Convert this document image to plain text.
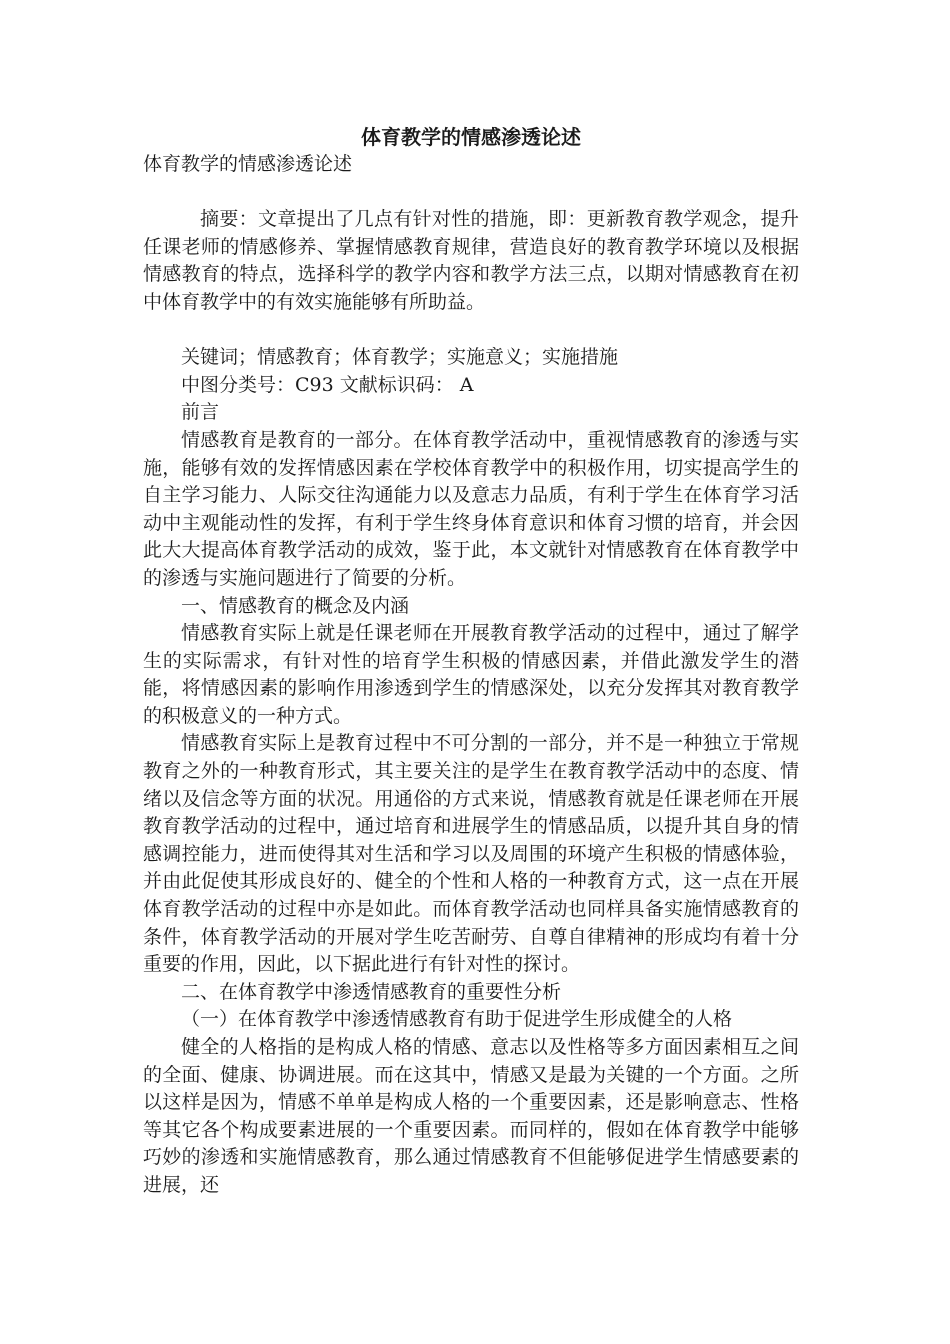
体育教学的情感渗透论述

体育教学的情感渗透论述

摘要：文章提出了几点有针对性的措施，即：更新教育教学观念，提升任课老师的情感修养、掌握情感教育规律，营造良好的教育教学环境以及根据情感教育的特点，选择科学的教学内容和教学方法三点，以期对情感教育在初中体育教学中的有效实施能够有所助益。

关键词；情感教育；体育教学；实施意义；实施措施

中图分类号：C93 文献标识码： A

前言

情感教育是教育的一部分。在体育教学活动中，重视情感教育的渗透与实施，能够有效的发挥情感因素在学校体育教学中的积极作用，切实提高学生的自主学习能力、人际交往沟通能力以及意志力品质，有利于学生在体育学习活动中主观能动性的发挥，有利于学生终身体育意识和体育习惯的培育，并会因此大大提高体育教学活动的成效，鉴于此，本文就针对情感教育在体育教学中的渗透与实施问题进行了简要的分析。

一、情感教育的概念及内涵

情感教育实际上就是任课老师在开展教育教学活动的过程中，通过了解学生的实际需求，有针对性的培育学生积极的情感因素，并借此激发学生的潜能，将情感因素的影响作用渗透到学生的情感深处，以充分发挥其对教育教学的积极意义的一种方式。

情感教育实际上是教育过程中不可分割的一部分，并不是一种独立于常规教育之外的一种教育形式，其主要关注的是学生在教育教学活动中的态度、情绪以及信念等方面的状况。用通俗的方式来说，情感教育就是任课老师在开展教育教学活动的过程中，通过培育和进展学生的情感品质，以提升其自身的情感调控能力，进而使得其对生活和学习以及周围的环境产生积极的情感体验，并由此促使其形成良好的、健全的个性和人格的一种教育方式，这一点在开展体育教学活动的过程中亦是如此。而体育教学活动也同样具备实施情感教育的条件，体育教学活动的开展对学生吃苦耐劳、自尊自律精神的形成均有着十分重要的作用，因此，以下据此进行有针对性的探讨。

二、在体育教学中渗透情感教育的重要性分析

（一）在体育教学中渗透情感教育有助于促进学生形成健全的人格

健全的人格指的是构成人格的情感、意志以及性格等多方面因素相互之间的全面、健康、协调进展。而在这其中，情感又是最为关键的一个方面。之所以这样是因为，情感不单单是构成人格的一个重要因素，还是影响意志、性格等其它各个构成要素进展的一个重要因素。而同样的，假如在体育教学中能够巧妙的渗透和实施情感教育，那么通过情感教育不但能够促进学生情感要素的进展，还
